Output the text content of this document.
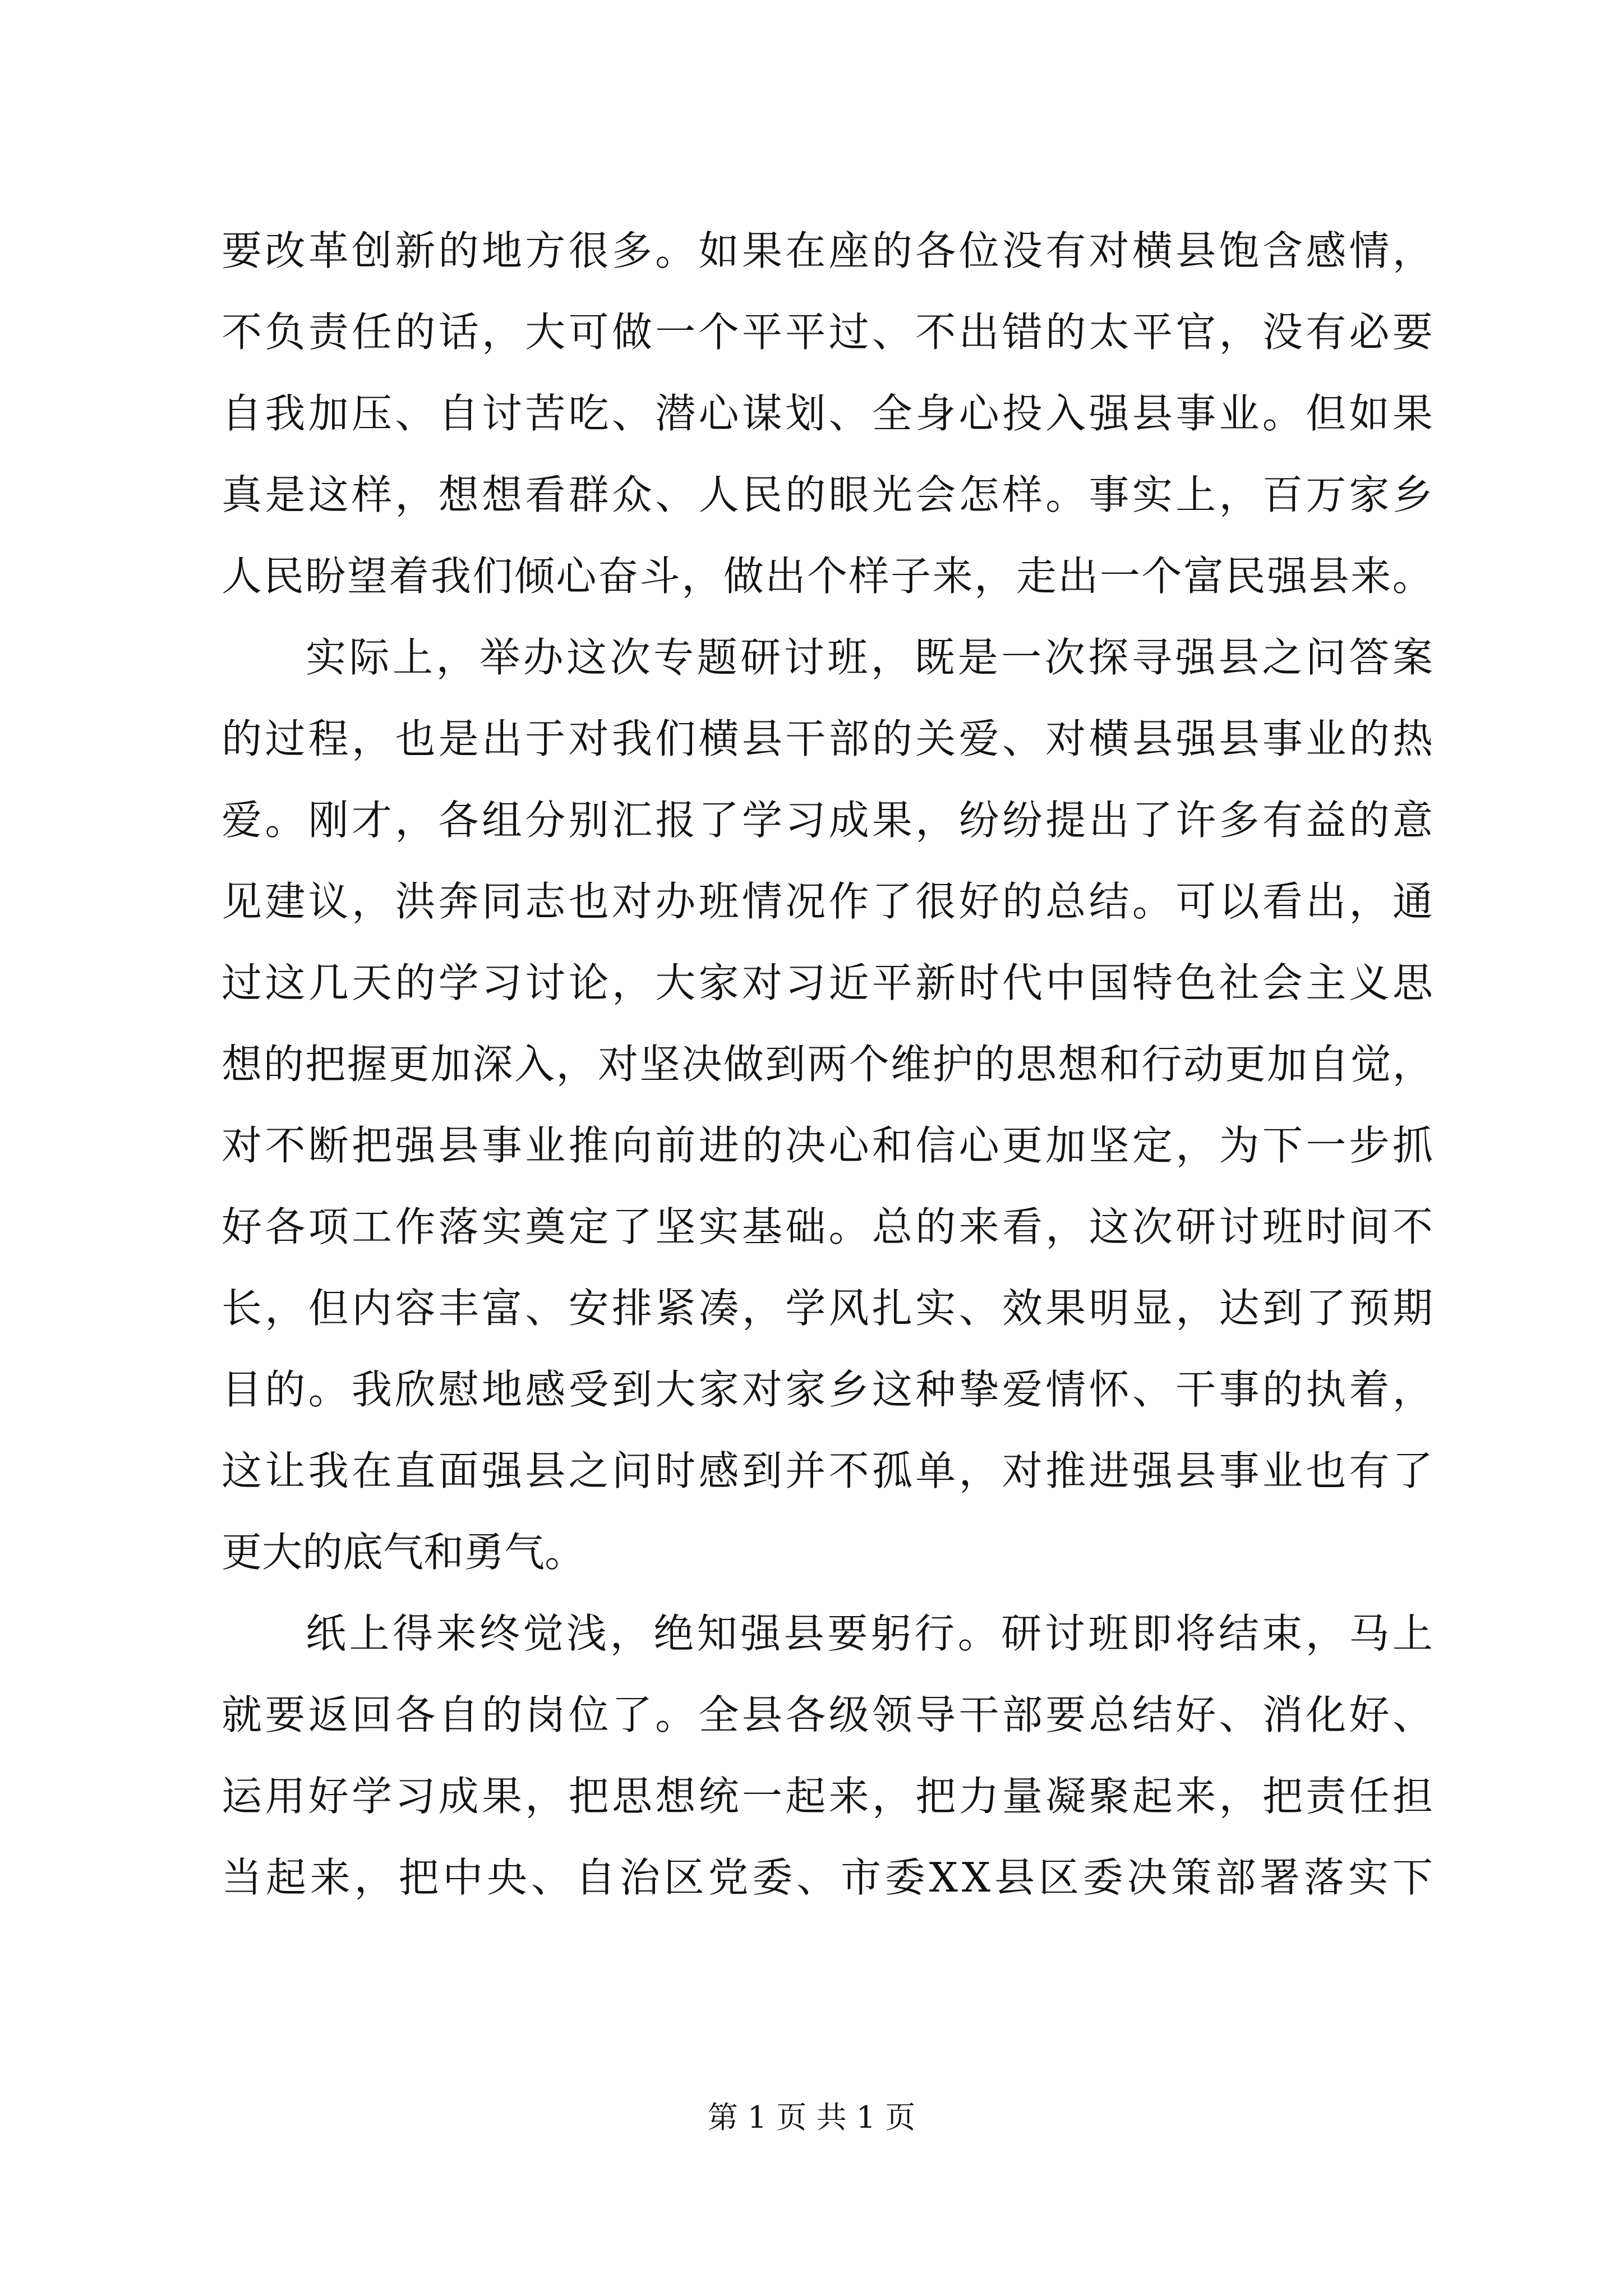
要 改 革 创 新 的 地 方 很 多 。 如 果 在 座 的 各 位 没 有 对 横 县 饱 含 感 情 ，
不 负 责 任 的 话 ， 大 可 做 一 个 平 平 过 、 不 出 错 的 太 平 官 ， 没 有 必 要
自 我 加 压 、 自 讨 苦 吃 、 潜 心 谋 划 、 全 身 心 投 入 强 县 事 业 。 但 如 果
真 是 这 样 ， 想 想 看 群 众 、 人 民 的 眼 光 会 怎 样 。 事 实 上 ， 百 万 家 乡
人 民 盼 望 着 我 们 倾 心 奋 斗 ， 做 出 个 样 子 来 ， 走 出 一 个 富 民 强 县 来 。
实 际 上 ， 举 办 这 次 专 题 研 讨 班 ， 既 是 一 次 探 寻 强 县 之 问 答 案
的 过 程 ， 也 是 出 于 对 我 们 横 县 干 部 的 关 爱 、 对 横 县 强 县 事 业 的 热
爱 。 刚 才 ， 各 组 分 别 汇 报 了 学 习 成 果 ， 纷 纷 提 出 了 许 多 有 益 的 意
见 建 议 ， 洪 奔 同 志 也 对 办 班 情 况 作 了 很 好 的 总 结 。 可 以 看 出 ， 通
过 这 几 天 的 学 习 讨 论 ， 大 家 对 习 近 平 新 时 代 中 国 特 色 社 会 主 义 思
想 的 把 握 更 加 深 入 ， 对 坚 决 做 到 两 个 维 护 的 思 想 和 行 动 更 加 自 觉 ，
对 不 断 把 强 县 事 业 推 向 前 进 的 决 心 和 信 心 更 加 坚 定 ， 为 下 一 步 抓
好 各 项 工 作 落 实 奠 定 了 坚 实 基 础 。 总 的 来 看 ， 这 次 研 讨 班 时 间 不
长 ， 但 内 容 丰 富 、 安 排 紧 凑 ， 学 风 扎 实 、 效 果 明 显 ， 达 到 了 预 期
目 的 。 我 欣 慰 地 感 受 到 大 家 对 家 乡 这 种 挚 爱 情 怀 、 干 事 的 执 着 ，
这 让 我 在 直 面 强 县 之 问 时 感 到 并 不 孤 单 ， 对 推 进 强 县 事 业 也 有 了
更 大 的 底 气 和 勇 气 。
纸 上 得 来 终 觉 浅 ， 绝 知 强 县 要 躬 行 。 研 讨 班 即 将 结 束 ， 马 上
就 要 返 回 各 自 的 岗 位 了 。 全 县 各 级 领 导 干 部 要 总 结 好 、 消 化 好 、
运 用 好 学 习 成 果 ， 把 思 想 统 一 起 来 ， 把 力 量 凝 聚 起 来 ， 把 责 任 担
当 起 来 ， 把 中 央 、 自 治 区 党 委 、 市 委 X X 县 区 委 决 策 部 署 落 实 下
第 1 页 共 1 页
